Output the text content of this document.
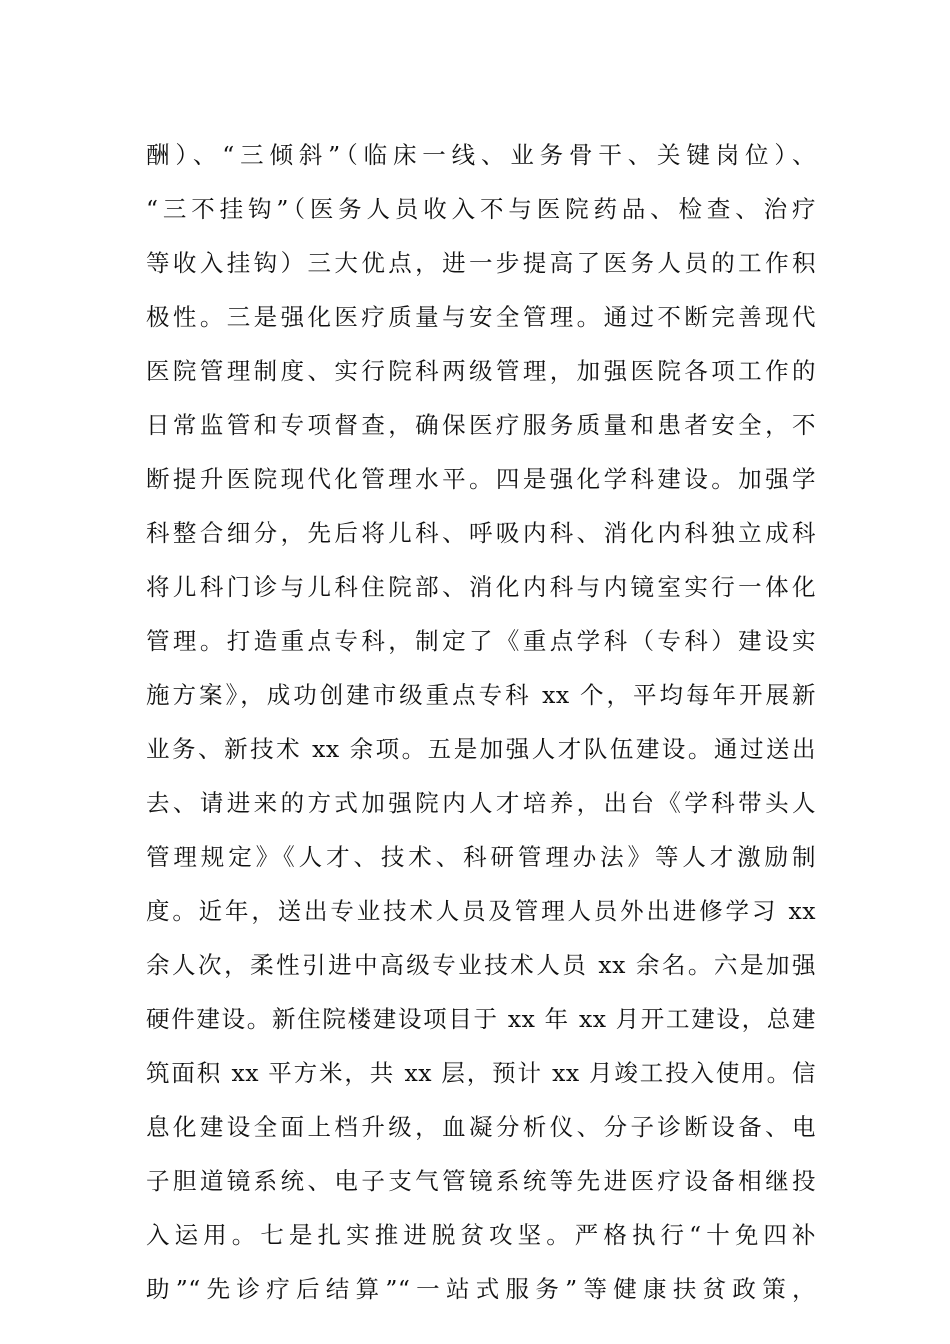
酬）、“三倾斜”（临床一线、业务骨干、关键岗位）、
“三不挂钩”（医务人员收入不与医院药品、检查、治疗
等收入挂钩）三大优点，进一步提高了医务人员的工作积
极性。三是强化医疗质量与安全管理。通过不断完善现代
医院管理制度、实行院科两级管理，加强医院各项工作的
日常监管和专项督查，确保医疗服务质量和患者安全，不
断提升医院现代化管理水平。四是强化学科建设。加强学
科整合细分，先后将儿科、呼吸内科、消化内科独立成科
将儿科门诊与儿科住院部、消化内科与内镜室实行一体化
管理。打造重点专科，制定了《重点学科（专科）建设实
施方案》，成功创建市级重点专科 xx 个，平均每年开展新
业务、新技术 xx 余项。五是加强人才队伍建设。通过送出
去、请进来的方式加强院内人才培养，出台《学科带头人
管理规定》《人才、技术、科研管理办法》等人才激励制
度。近年，送出专业技术人员及管理人员外出进修学习 xx
余人次，柔性引进中高级专业技术人员 xx 余名。六是加强
硬件建设。新住院楼建设项目于 xx 年 xx 月开工建设，总建
筑面积 xx 平方米，共 xx 层，预计 xx 月竣工投入使用。信
息化建设全面上档升级，血凝分析仪、分子诊断设备、电
子胆道镜系统、电子支气管镜系统等先进医疗设备相继投
入运用。七是扎实推进脱贫攻坚。严格执行“十免四补
助”“先诊疗后结算”“一站式服务”等健康扶贫政策，
